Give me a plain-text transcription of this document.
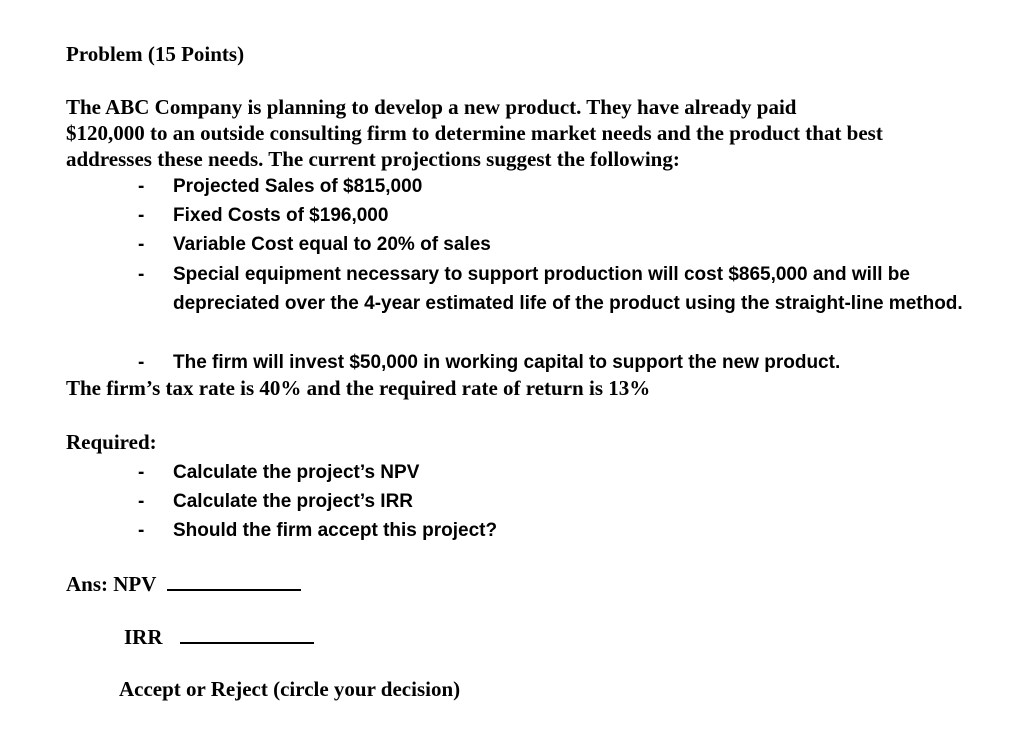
Problem (15 Points)
The ABC Company is planning to develop a new product. They have already paid
$120,000 to an outside consulting firm to determine market needs and the product that best
addresses these needs. The current projections suggest the following:
- Projected Sales of $815,000
- Fixed Costs of $196,000
- Variable Cost equal to 20% of sales
- Special equipment necessary to support production will cost $865,000 and will be depreciated over the 4-year estimated life of the product using the straight-line method.
- The firm will invest $50,000 in working capital to support the new product.
The firm’s tax rate is 40% and the required rate of return is 13%
Required:
- Calculate the project’s NPV
- Calculate the project’s IRR
- Should the firm accept this project?
Ans: NPV
IRR
Accept or Reject (circle your decision)
